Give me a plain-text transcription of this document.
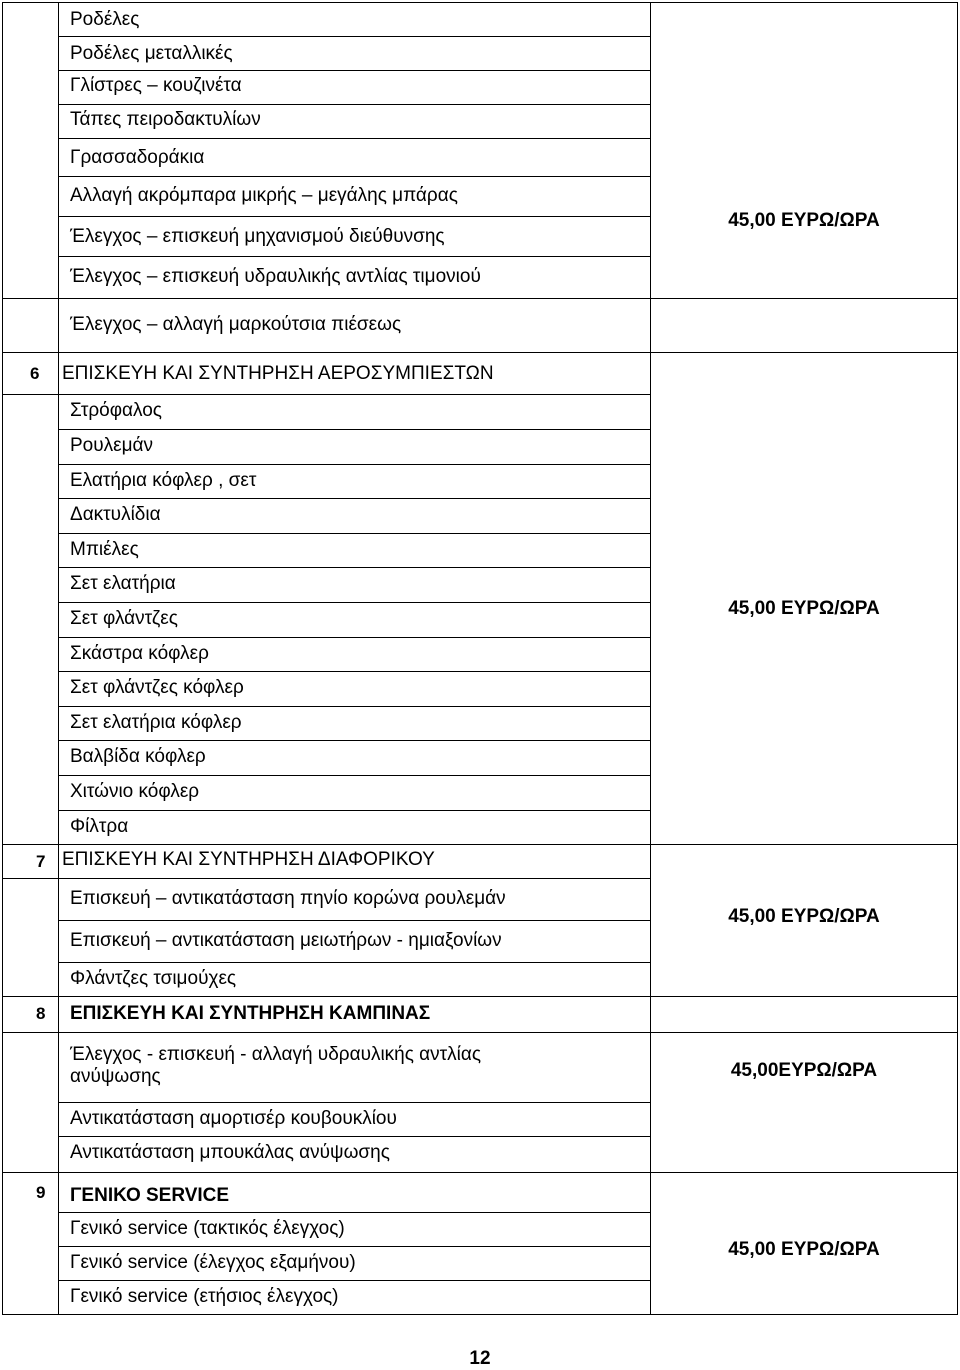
Ροδέλες
Ροδέλες μεταλλικές
Γλίστρες – κουζινέτα
Τάπες πειροδακτυλίων
Γρασσαδοράκια
Αλλαγή ακρόμπαρα μικρής – μεγάλης μπάρας
Έλεγχος – επισκευή μηχανισμού διεύθυνσης
Έλεγχος – επισκευή υδραυλικής αντλίας τιμονιού
Έλεγχος – αλλαγή μαρκούτσια πιέσεως
45,00 ΕΥΡΩ/ΩΡΑ
6 ΕΠΙΣΚΕΥΗ ΚΑΙ ΣΥΝΤΗΡΗΣΗ ΑΕΡΟΣΥΜΠΙΕΣΤΩΝ
Στρόφαλος
Ρουλεμάν
Ελατήρια κόφλερ , σετ
Δακτυλίδια
Μπιέλες
Σετ ελατήρια
Σετ φλάντζες
Σκάστρα κόφλερ
Σετ φλάντζες κόφλερ
Σετ ελατήρια κόφλερ
Βαλβίδα κόφλερ
Χιτώνιο κόφλερ
Φίλτρα
45,00 ΕΥΡΩ/ΩΡΑ
7 ΕΠΙΣΚΕΥΗ ΚΑΙ ΣΥΝΤΗΡΗΣΗ ΔΙΑΦΟΡΙΚΟΥ
Επισκευή – αντικατάσταση πηνίο κορώνα ρουλεμάν
Επισκευή – αντικατάσταση μειωτήρων - ημιαξονίων
Φλάντζες τσιμούχες
45,00 ΕΥΡΩ/ΩΡΑ
8 ΕΠΙΣΚΕΥΗ ΚΑΙ ΣΥΝΤΗΡΗΣΗ ΚΑΜΠΙΝΑΣ
Έλεγχος - επισκευή - αλλαγή υδραυλικής αντλίας ανύψωσης
Αντικατάσταση αμορτισέρ κουβουκλίου
Αντικατάσταση μπουκάλας ανύψωσης
45,00ΕΥΡΩ/ΩΡΑ
9 ΓΕΝΙΚΟ SERVICE
Γενικό service (τακτικός έλεγχος)
Γενικό service (έλεγχος εξαμήνου)
Γενικό service (ετήσιος έλεγχος)
45,00 ΕΥΡΩ/ΩΡΑ
12
